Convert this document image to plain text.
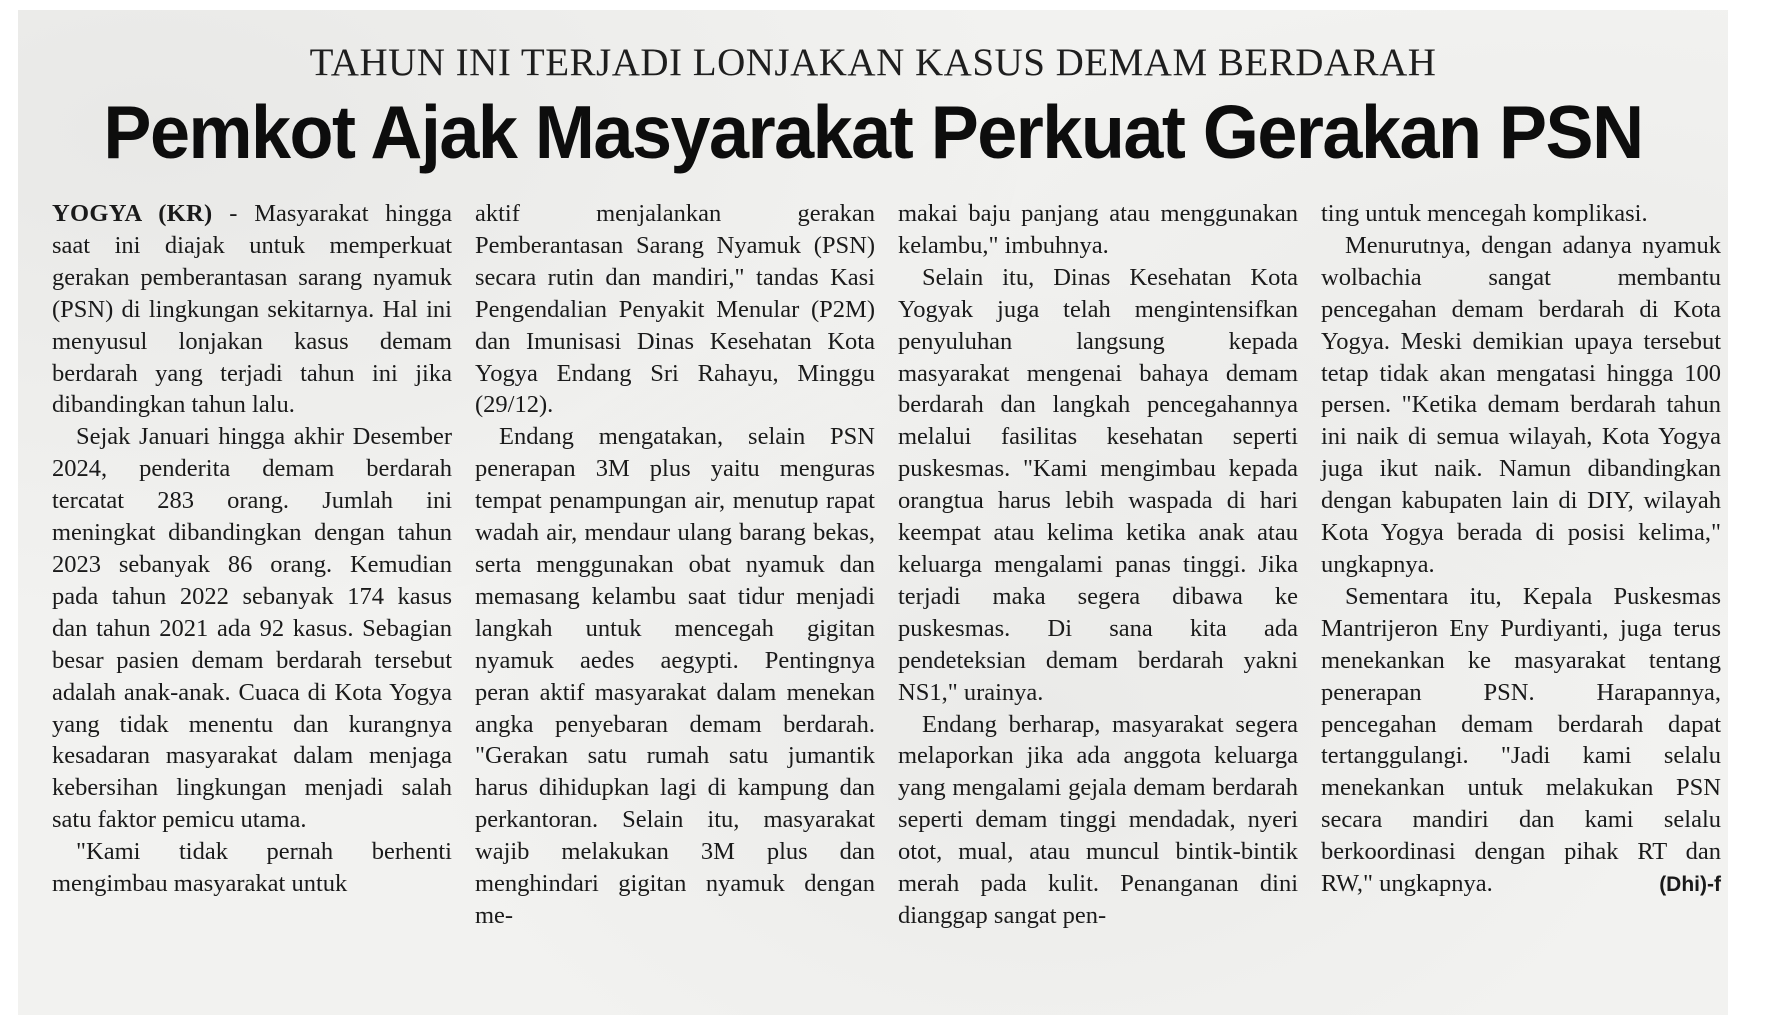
TAHUN INI TERJADI LONJAKAN KASUS DEMAM BERDARAH
Pemkot Ajak Masyarakat Perkuat Gerakan PSN

YOGYA (KR) - Masyarakat hingga saat ini diajak untuk memperkuat gerakan pemberantasan sarang nyamuk (PSN) di lingkungan sekitarnya. Hal ini menyusul lonjakan kasus demam berdarah yang terjadi tahun ini jika dibandingkan tahun lalu.

Sejak Januari hingga akhir Desember 2024, penderita demam berdarah tercatat 283 orang. Jumlah ini meningkat dibandingkan dengan tahun 2023 sebanyak 86 orang. Kemudian pada tahun 2022 sebanyak 174 kasus dan tahun 2021 ada 92 kasus. Sebagian besar pasien demam berdarah tersebut adalah anak-anak. Cuaca di Kota Yogya yang tidak menentu dan kurangnya kesadaran masyarakat dalam menjaga kebersihan lingkungan menjadi salah satu faktor pemicu utama.

"Kami tidak pernah berhenti mengimbau masyarakat untuk

aktif menjalankan gerakan Pemberantasan Sarang Nyamuk (PSN) secara rutin dan mandiri," tandas Kasi Pengendalian Penyakit Menular (P2M) dan Imunisasi Dinas Kesehatan Kota Yogya Endang Sri Rahayu, Minggu (29/12).

Endang mengatakan, selain PSN penerapan 3M plus yaitu menguras tempat penampungan air, menutup rapat wadah air, mendaur ulang barang bekas, serta menggunakan obat nyamuk dan memasang kelambu saat tidur menjadi langkah untuk mencegah gigitan nyamuk aedes aegypti. Pentingnya peran aktif masyarakat dalam menekan angka penyebaran demam berdarah. "Gerakan satu rumah satu jumantik harus dihidupkan lagi di kampung dan perkantoran. Selain itu, masyarakat wajib melakukan 3M plus dan menghindari gigitan nyamuk dengan me-

makai baju panjang atau menggunakan kelambu," imbuhnya.

Selain itu, Dinas Kesehatan Kota Yogyak juga telah mengintensifkan penyuluhan langsung kepada masyarakat mengenai bahaya demam berdarah dan langkah pencegahannya melalui fasilitas kesehatan seperti puskesmas. "Kami mengimbau kepada orangtua harus lebih waspada di hari keempat atau kelima ketika anak atau keluarga mengalami panas tinggi. Jika terjadi maka segera dibawa ke puskesmas. Di sana kita ada pendeteksian demam berdarah yakni NS1," urainya.

Endang berharap, masyarakat segera melaporkan jika ada anggota keluarga yang mengalami gejala demam berdarah seperti demam tinggi mendadak, nyeri otot, mual, atau muncul bintik-bintik merah pada kulit. Penanganan dini dianggap sangat pen-

ting untuk mencegah komplikasi.

Menurutnya, dengan adanya nyamuk wolbachia sangat membantu pencegahan demam berdarah di Kota Yogya. Meski demikian upaya tersebut tetap tidak akan mengatasi hingga 100 persen. "Ketika demam berdarah tahun ini naik di semua wilayah, Kota Yogya juga ikut naik. Namun dibandingkan dengan kabupaten lain di DIY, wilayah Kota Yogya berada di posisi kelima," ungkapnya.

Sementara itu, Kepala Puskesmas Mantrijeron Eny Purdiyanti, juga terus menekankan ke masyarakat tentang penerapan PSN. Harapannya, pencegahan demam berdarah dapat tertanggulangi. "Jadi kami selalu menekankan untuk melakukan PSN secara mandiri dan kami selalu berkoordinasi dengan pihak RT dan RW," ungkapnya.	(Dhi)-f
